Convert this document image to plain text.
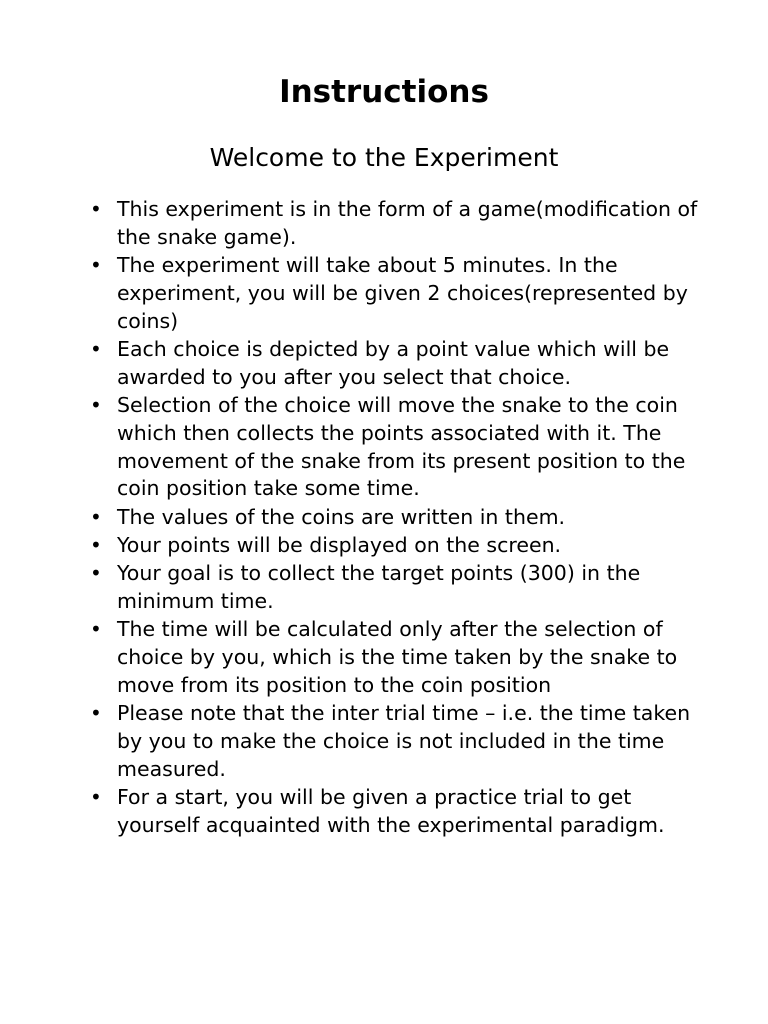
Instructions
Welcome to the Experiment
• This experiment is in the form of a game(modification of the snake game).
• The experiment will take about 5 minutes. In the experiment, you will be given 2 choices(represented by coins)
• Each choice is depicted by a point value which will be awarded to you after you select that choice.
• Selection of the choice will move the snake to the coin which then collects the points associated with it. The movement of the snake from its present position to the coin position take some time.
• The values of the coins are written in them.
• Your points will be displayed on the screen.
• Your goal is to collect the target points (300) in the minimum time.
• The time will be calculated only after the selection of choice by you, which is the time taken by the snake to move from its position to the coin position
• Please note that the inter trial time – i.e. the time taken by you to make the choice is not included in the time measured.
• For a start, you will be given a practice trial to get yourself acquainted with the experimental paradigm.
